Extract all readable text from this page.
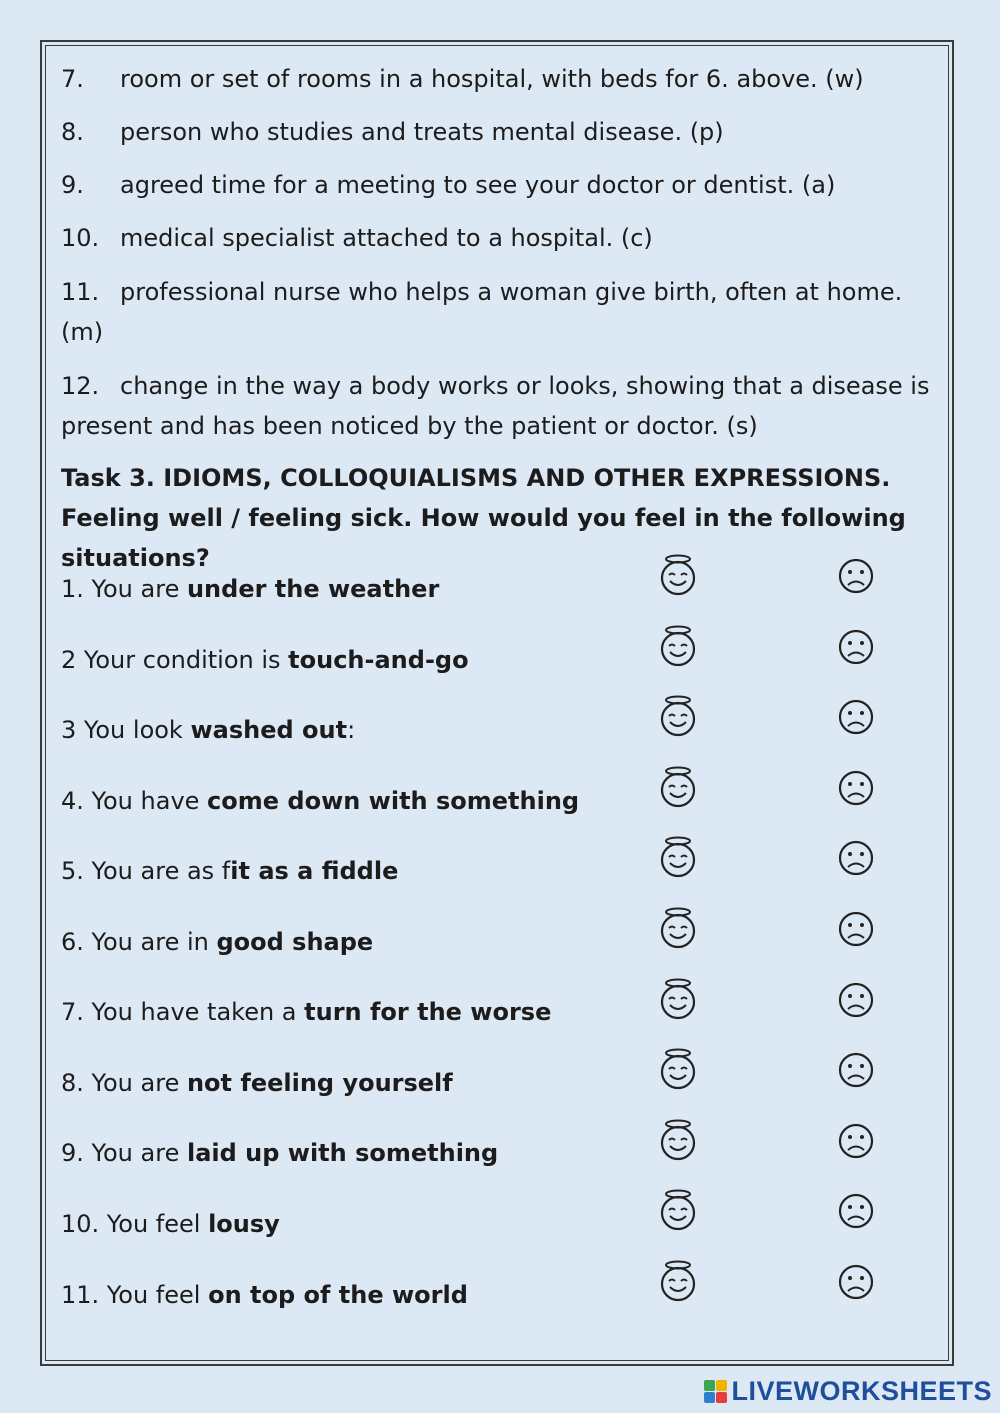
7. room or set of rooms in a hospital, with beds for 6. above. (w)
8. person who studies and treats mental disease. (p)
9. agreed time for a meeting to see your doctor or dentist. (a)
10. medical specialist attached to a hospital. (c)
11. professional nurse who helps a woman give birth, often at home. (m)
12. change in the way a body works or looks, showing that a disease is present and has been noticed by the patient or doctor. (s)
Task 3. IDIOMS, COLLOQUIALISMS AND OTHER EXPRESSIONS. Feeling well / feeling sick. How would you feel in the following situations?
1. You are under the weather
2 Your condition is touch-and-go
3 You look washed out:
4. You have come down with something
5. You are as fit as a fiddle
6. You are in good shape
7. You have taken a turn for the worse
8. You are not feeling yourself
9. You are laid up with something
10. You feel lousy
11. You feel on top of the world
LIVEWORKSHEETS
